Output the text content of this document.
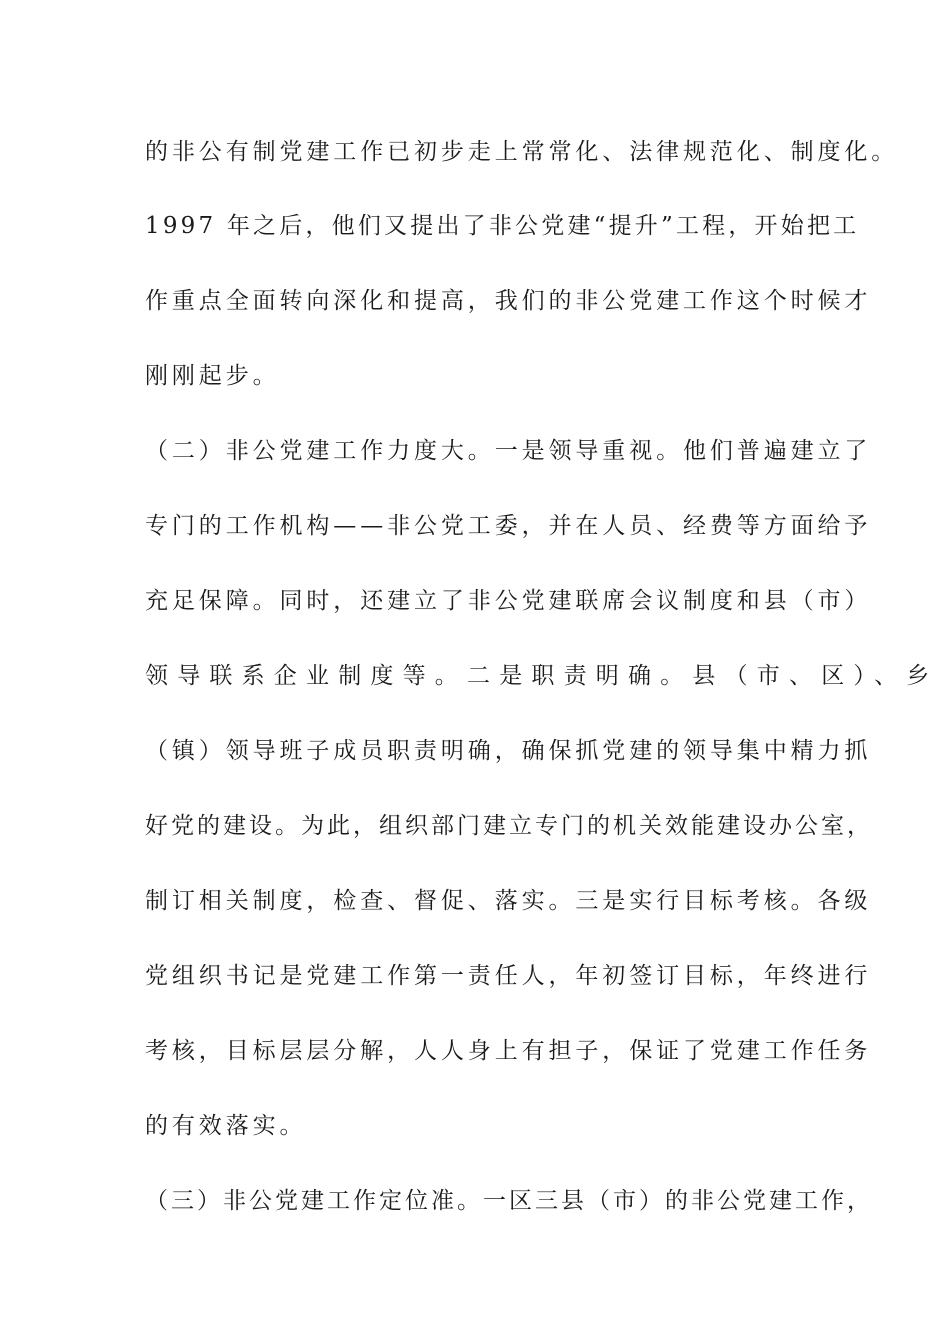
的非公有制党建工作已初步走上常常化、法律规范化、制度化。
1997 年之后，他们又提出了非公党建“提升”工程，开始把工
作重点全面转向深化和提高，我们的非公党建工作这个时候才
刚刚起步。
（二）非公党建工作力度大。一是领导重视。他们普遍建立了
专门的工作机构——非公党工委，并在人员、经费等方面给予
充足保障。同时，还建立了非公党建联席会议制度和县（市）
领导联系企业制度等。二是职责明确。县（市、区）、乡
（镇）领导班子成员职责明确，确保抓党建的领导集中精力抓
好党的建设。为此，组织部门建立专门的机关效能建设办公室，
制订相关制度，检查、督促、落实。三是实行目标考核。各级
党组织书记是党建工作第一责任人，年初签订目标，年终进行
考核，目标层层分解，人人身上有担子，保证了党建工作任务
的有效落实。
（三）非公党建工作定位准。一区三县（市）的非公党建工作，
